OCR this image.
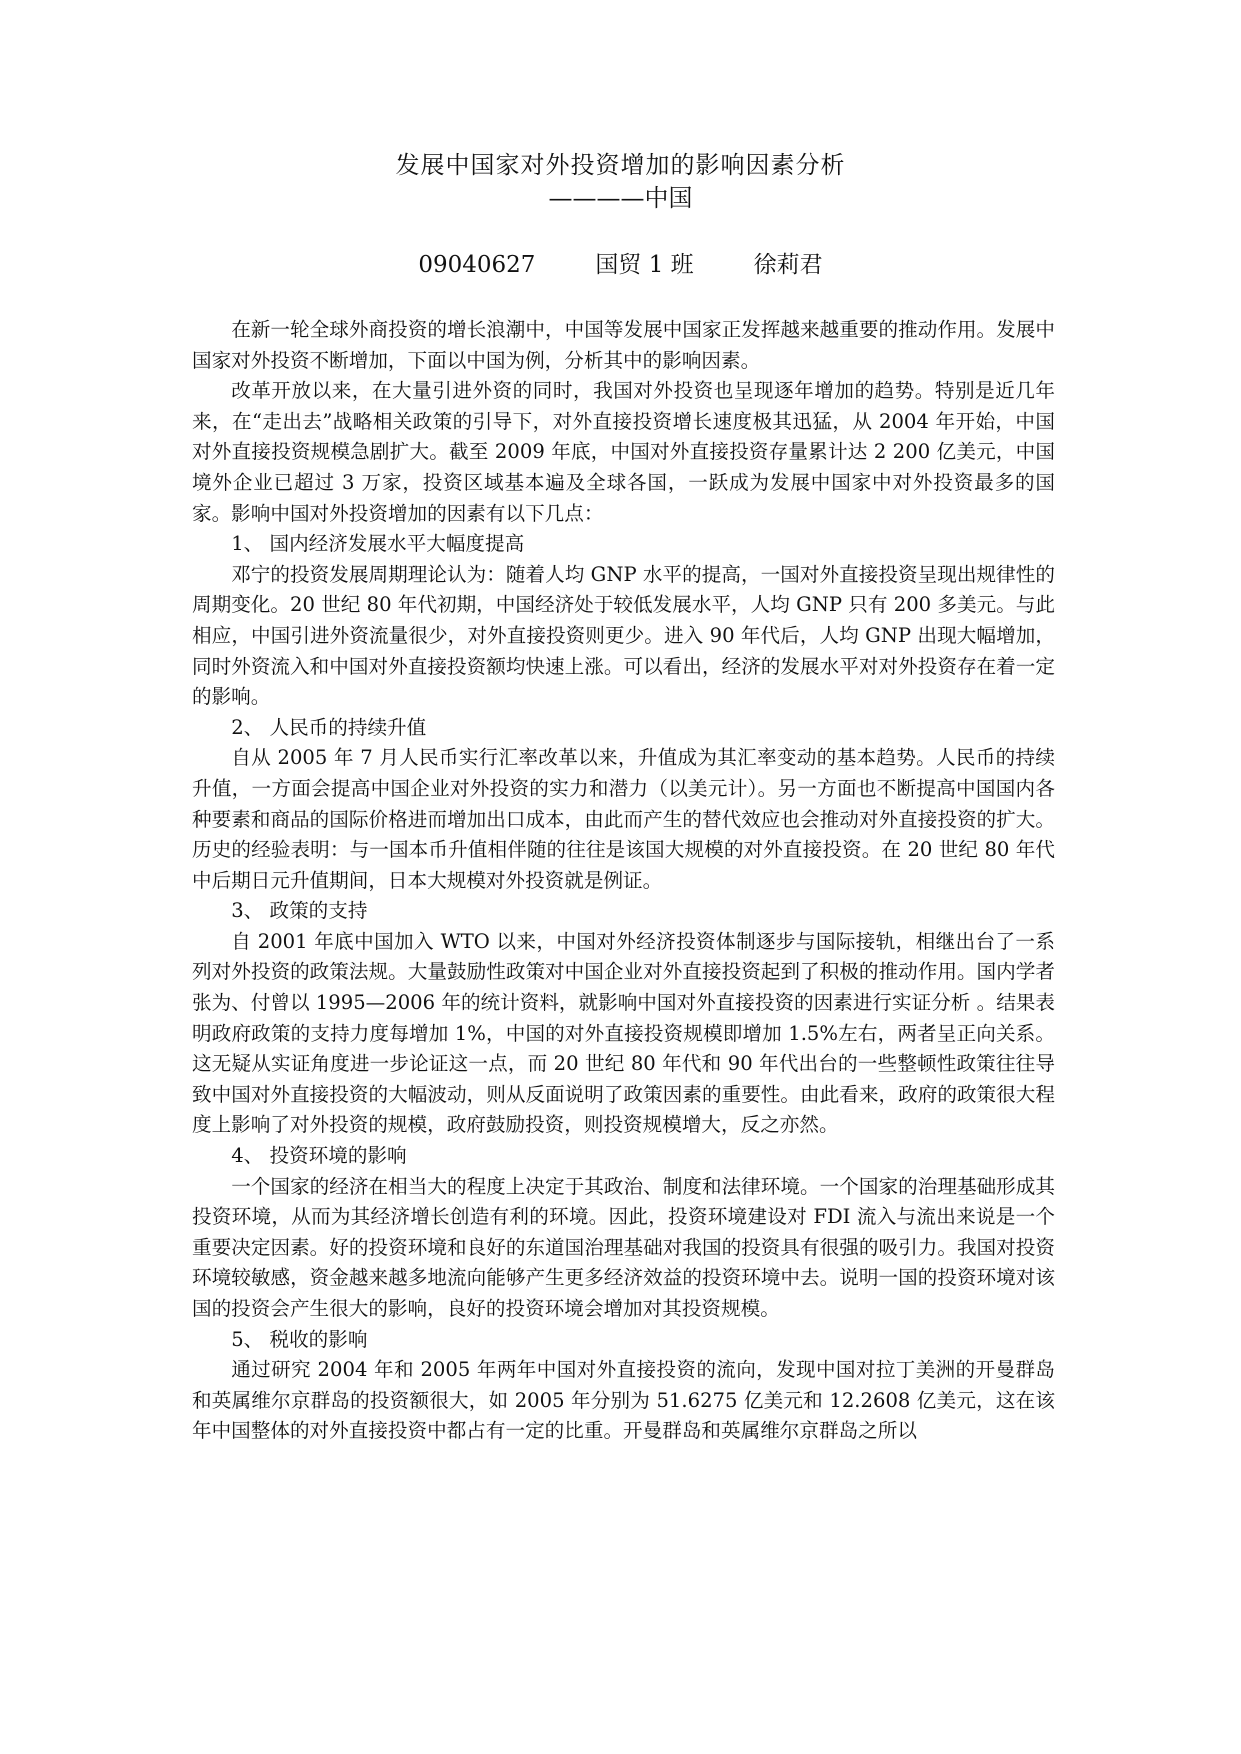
发展中国家对外投资增加的影响因素分析
————中国
09040627	国贸 1 班	徐莉君

在新一轮全球外商投资的增长浪潮中，中国等发展中国家正发挥越来越重要的推动作用。发展中国家对外投资不断增加，下面以中国为例，分析其中的影响因素。

改革开放以来，在大量引进外资的同时，我国对外投资也呈现逐年增加的趋势。特别是近几年来，在“走出去”战略相关政策的引导下，对外直接投资增长速度极其迅猛，从 2004 年开始，中国对外直接投资规模急剧扩大。截至 2009 年底，中国对外直接投资存量累计达 2 200 亿美元，中国境外企业已超过 3 万家，投资区域基本遍及全球各国，一跃成为发展中国家中对外投资最多的国家。影响中国对外投资增加的因素有以下几点：

1、 国内经济发展水平大幅度提高

邓宁的投资发展周期理论认为：随着人均 GNP 水平的提高，一国对外直接投资呈现出规律性的周期变化。20 世纪 80 年代初期，中国经济处于较低发展水平，人均 GNP 只有 200 多美元。与此相应，中国引进外资流量很少，对外直接投资则更少。进入 90 年代后，人均 GNP 出现大幅增加，同时外资流入和中国对外直接投资额均快速上涨。可以看出，经济的发展水平对对外投资存在着一定的影响。

2、 人民币的持续升值

自从 2005 年 7 月人民币实行汇率改革以来，升值成为其汇率变动的基本趋势。人民币的持续升值，一方面会提高中国企业对外投资的实力和潜力（以美元计）。另一方面也不断提高中国国内各种要素和商品的国际价格进而增加出口成本，由此而产生的替代效应也会推动对外直接投资的扩大。历史的经验表明：与一国本币升值相伴随的往往是该国大规模的对外直接投资。在 20 世纪 80 年代中后期日元升值期间，日本大规模对外投资就是例证。

3、 政策的支持

自 2001 年底中国加入 WTO 以来，中国对外经济投资体制逐步与国际接轨，相继出台了一系列对外投资的政策法规。大量鼓励性政策对中国企业对外直接投资起到了积极的推动作用。国内学者张为、付曾以 1995—2006 年的统计资料，就影响中国对外直接投资的因素进行实证分析 。结果表明政府政策的支持力度每增加 1%，中国的对外直接投资规模即增加 1.5%左右，两者呈正向关系。这无疑从实证角度进一步论证这一点，而 20 世纪 80 年代和 90 年代出台的一些整顿性政策往往导致中国对外直接投资的大幅波动，则从反面说明了政策因素的重要性。由此看来，政府的政策很大程度上影响了对外投资的规模，政府鼓励投资，则投资规模增大，反之亦然。

4、 投资环境的影响

一个国家的经济在相当大的程度上决定于其政治、制度和法律环境。一个国家的治理基础形成其投资环境，从而为其经济增长创造有利的环境。因此，投资环境建设对 FDI 流入与流出来说是一个重要决定因素。好的投资环境和良好的东道国治理基础对我国的投资具有很强的吸引力。我国对投资环境较敏感，资金越来越多地流向能够产生更多经济效益的投资环境中去。说明一国的投资环境对该国的投资会产生很大的影响，良好的投资环境会增加对其投资规模。

5、 税收的影响

通过研究 2004 年和 2005 年两年中国对外直接投资的流向，发现中国对拉丁美洲的开曼群岛和英属维尔京群岛的投资额很大，如 2005 年分别为 51.6275 亿美元和 12.2608 亿美元，这在该年中国整体的对外直接投资中都占有一定的比重。开曼群岛和英属维尔京群岛之所以
